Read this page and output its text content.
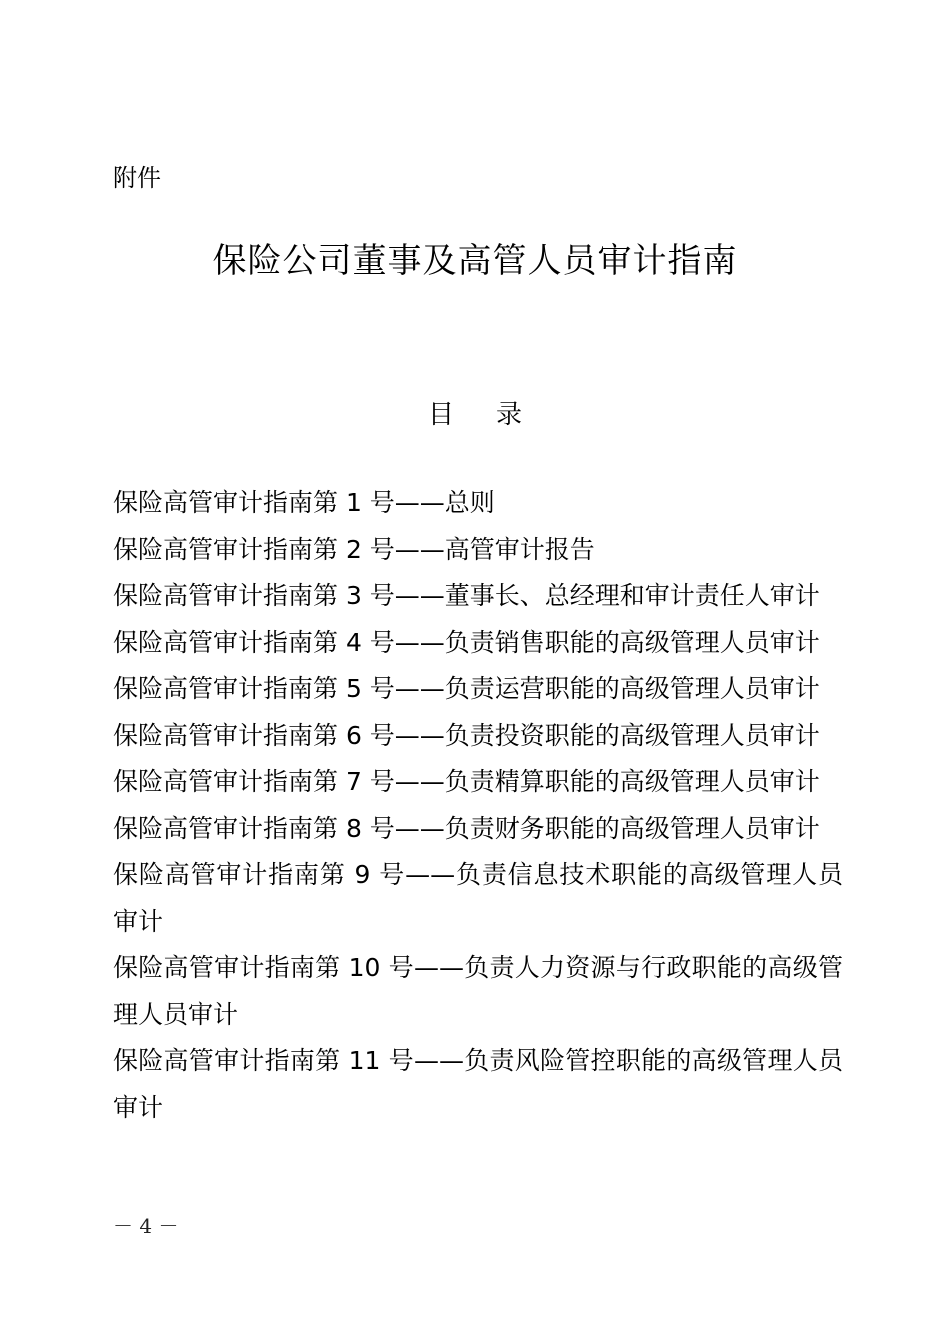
附件
保险公司董事及高管人员审计指南
目 录
保险高管审计指南第 1 号——总则
保险高管审计指南第 2 号——高管审计报告
保险高管审计指南第 3 号——董事长、总经理和审计责任人审计
保险高管审计指南第 4 号——负责销售职能的高级管理人员审计
保险高管审计指南第 5 号——负责运营职能的高级管理人员审计
保险高管审计指南第 6 号——负责投资职能的高级管理人员审计
保险高管审计指南第 7 号——负责精算职能的高级管理人员审计
保险高管审计指南第 8 号——负责财务职能的高级管理人员审计
保险高管审计指南第 9 号——负责信息技术职能的高级管理人员审计
保险高管审计指南第 10 号——负责人力资源与行政职能的高级管理人员审计
保险高管审计指南第 11 号——负责风险管控职能的高级管理人员审计
－ 4 －
